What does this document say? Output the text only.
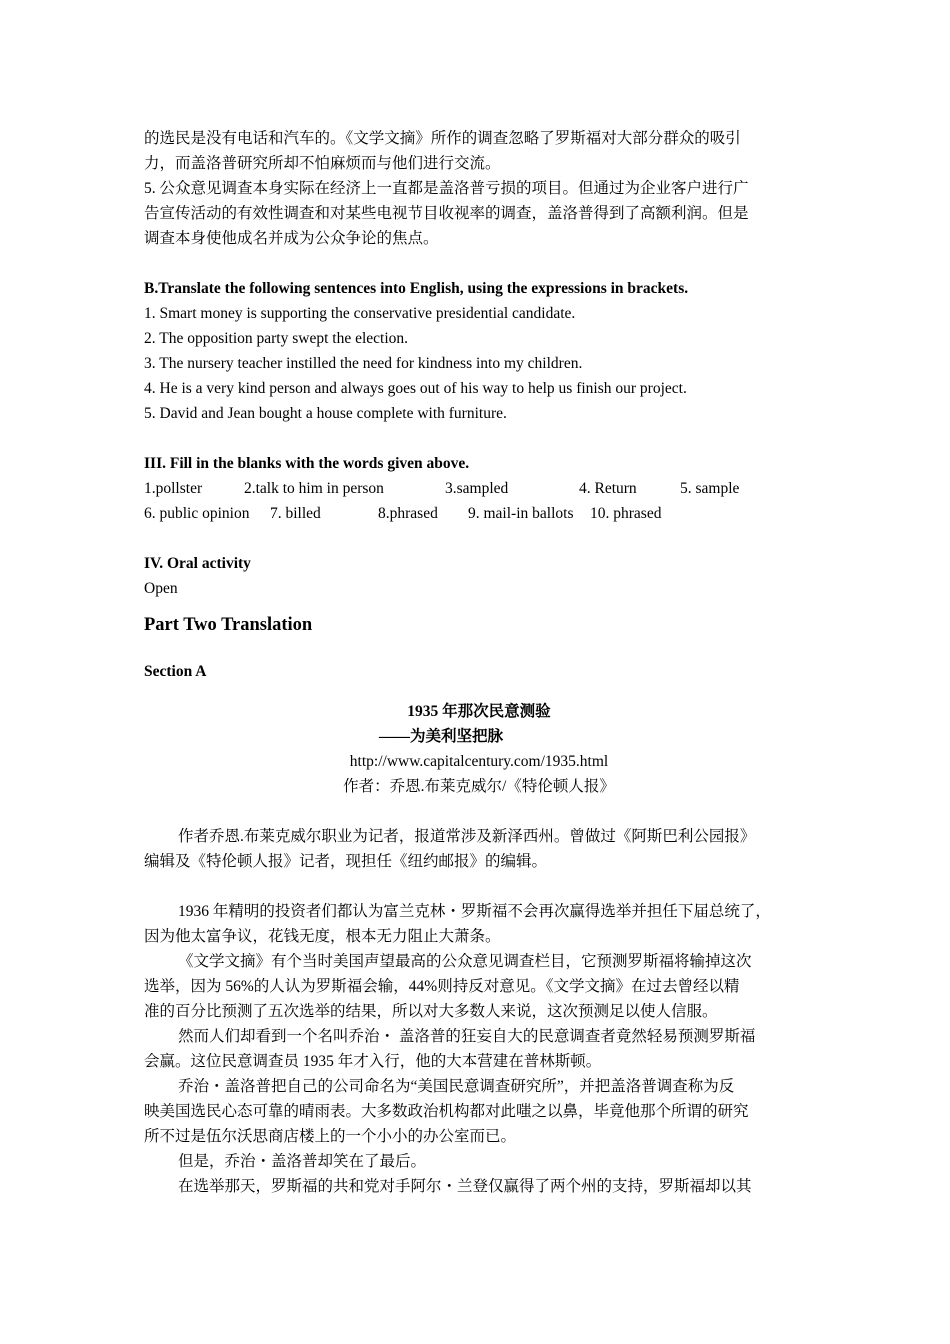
的选民是没有电话和汽车的。《文学文摘》所作的调查忽略了罗斯福对大部分群众的吸引
力，而盖洛普研究所却不怕麻烦而与他们进行交流。
5. 公众意见调查本身实际在经济上一直都是盖洛普亏损的项目。但通过为企业客户进行广
告宣传活动的有效性调查和对某些电视节目收视率的调查，盖洛普得到了高额利润。但是
调查本身使他成名并成为公众争论的焦点。
B.Translate the following sentences into English, using the expressions in brackets.
1. Smart money is supporting the conservative presidential candidate.
2. The opposition party swept the election.
3. The nursery teacher instilled the need for kindness into my children.
4. He is a very kind person and always goes out of his way to help us finish our project.
5. David and Jean bought a house complete with furniture.
III. Fill in the blanks with the words given above.
1.pollster	2.talk to him in person	3.sampled	4. Return	5. sample
6. public opinion 7. billed	8.phrased 9. mail-in ballots 10. phrased
IV. Oral activity
Open
Part Two Translation
Section A
1935 年那次民意测验
——为美利坚把脉
http://www.capitalcentury.com/1935.html
作者：乔恩.布莱克威尔/《特伦顿人报》
作者乔恩.布莱克威尔职业为记者，报道常涉及新泽西州。曾做过《阿斯巴利公园报》
编辑及《特伦顿人报》记者，现担任《纽约邮报》的编辑。
1936 年精明的投资者们都认为富兰克林・罗斯福不会再次赢得选举并担任下届总统了，
因为他太富争议，花钱无度，根本无力阻止大萧条。
《文学文摘》有个当时美国声望最高的公众意见调查栏目，它预测罗斯福将输掉这次
选举，因为 56%的人认为罗斯福会输，44%则持反对意见。《文学文摘》在过去曾经以精
准的百分比预测了五次选举的结果，所以对大多数人来说，这次预测足以使人信服。
然而人们却看到一个名叫乔治・ 盖洛普的狂妄自大的民意调查者竟然轻易预测罗斯福
会赢。这位民意调查员 1935 年才入行，他的大本营建在普林斯顿。
乔治・盖洛普把自己的公司命名为“美国民意调查研究所”，并把盖洛普调查称为反
映美国选民心态可靠的晴雨表。大多数政治机构都对此嗤之以鼻，毕竟他那个所谓的研究
所不过是伍尔沃思商店楼上的一个小小的办公室而已。
但是，乔治・盖洛普却笑在了最后。
在选举那天，罗斯福的共和党对手阿尔・兰登仅赢得了两个州的支持，罗斯福却以其
